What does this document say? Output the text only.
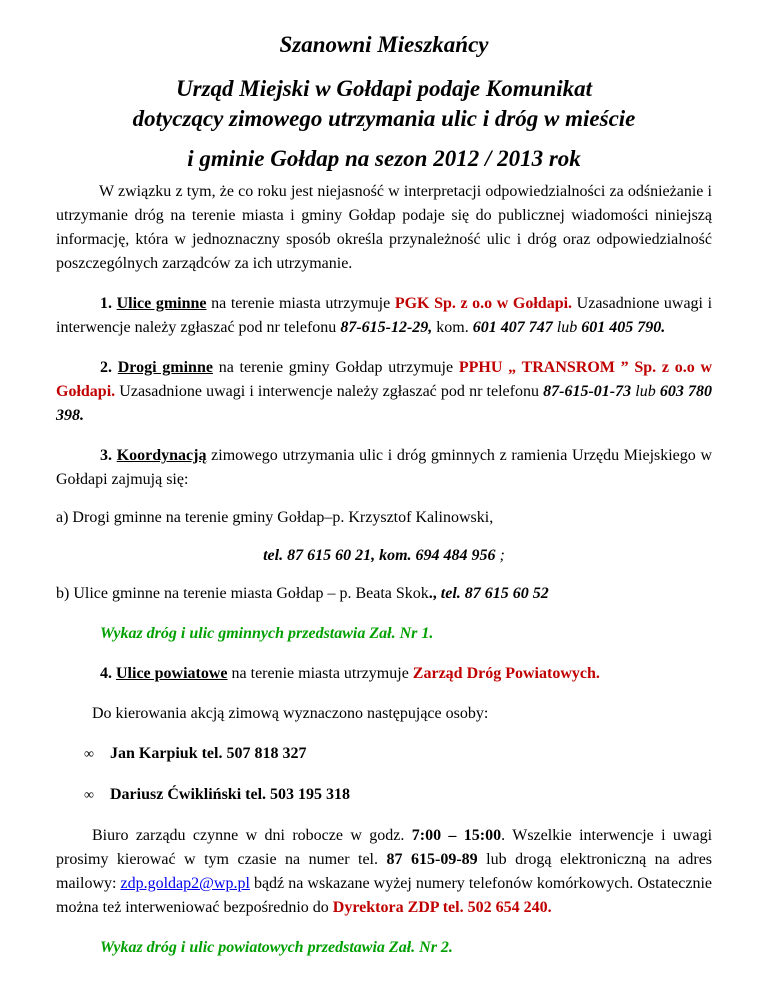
Szanowni Mieszkańcy
Urząd Miejski w Gołdapi podaje Komunikat
dotyczący zimowego utrzymania ulic i dróg w mieście
i gminie Gołdap na sezon 2012 / 2013 rok

W związku z tym, że co roku jest niejasność w interpretacji odpowiedzialności za odśnieżanie i utrzymanie dróg na terenie miasta i gminy Gołdap podaje się do publicznej wiadomości niniejszą informację, która w jednoznaczny sposób określa przynależność ulic i dróg oraz odpowiedzialność poszczególnych zarządców za ich utrzymanie.

1. Ulice gminne na terenie miasta utrzymuje PGK Sp. z o.o w Gołdapi. Uzasadnione uwagi i interwencje należy zgłaszać pod nr telefonu 87-615-12-29, kom. 601 407 747 lub 601 405 790.

2. Drogi gminne na terenie gminy Gołdap utrzymuje PPHU „ TRANSROM ” Sp. z o.o w Gołdapi. Uzasadnione uwagi i interwencje należy zgłaszać pod nr telefonu 87-615-01-73 lub 603 780 398.

3. Koordynacją zimowego utrzymania ulic i dróg gminnych z ramienia Urzędu Miejskiego w Gołdapi zajmują się:

a) Drogi gminne na terenie gminy Gołdap–p. Krzysztof Kalinowski,

tel. 87 615 60 21, kom. 694 484 956 ;

b) Ulice gminne na terenie miasta Gołdap – p. Beata Skok., tel. 87 615 60 52

Wykaz dróg i ulic gminnych przedstawia Zał. Nr 1.

4. Ulice powiatowe na terenie miasta utrzymuje Zarząd Dróg Powiatowych.

Do kierowania akcją zimową wyznaczono następujące osoby:

∞ Jan Karpiuk tel. 507 818 327

∞ Dariusz Ćwikliński tel. 503 195 318

Biuro zarządu czynne w dni robocze w godz. 7:00 – 15:00. Wszelkie interwencje i uwagi prosimy kierować w tym czasie na numer tel. 87 615-09-89 lub drogą elektroniczną na adres mailowy: zdp.goldap2@wp.pl bądź na wskazane wyżej numery telefonów komórkowych. Ostatecznie można też interweniować bezpośrednio do Dyrektora ZDP tel. 502 654 240.

Wykaz dróg i ulic powiatowych przedstawia Zał. Nr 2.
